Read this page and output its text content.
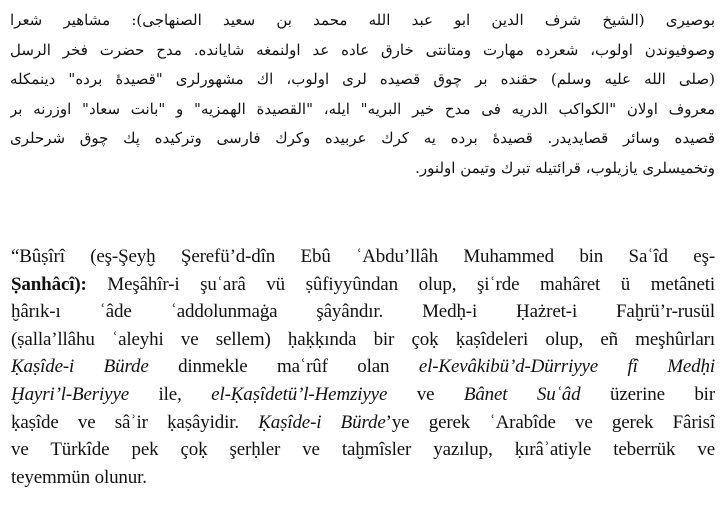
بوصيرى (الشيخ شرف الدين ابو عبد الله محمد بن سعيد الصنهاجى): مشاهير شعرا
وصوفيوندن اولوب، شعرده مهارت ومتانتى خارق عاده عد اولنمغه شايانده. مدح حضرت فخر الرسل
(صلى الله عليه وسلم) حقنده بر چوق قصيده لرى اولوب، اك مشهورلرى "قصيدهٔ برده" دينمكله
معروف اولان "الكواكب الدريه فى مدح خير البريه" ايله، "القصيدة الهمزيه" و "بانت سعاد" اوزرنه بر
قصيده وسائر قصايديدر. قصيدهٔ برده يه كرك عربيده وكرك فارسى وتركيده پك چوق شرحلرى
وتخميسلرى يازيلوب، قرائتيله تبرك وتيمن اولنور.
“Bûṣîrî (eş-Şeyḫ Şerefü’d-dîn Ebû ʿAbdu’llâh Muhammed bin Saʿîd eş-
Ṣanhâcî): Meşâhîr-i şuʿarâ vü ṣûfiyyûndan olup, şiʿrde mahâret ü metâneti
ḫârık-ı ʿâde ʿaddolunmaġa şâyândır. Medḥ-i Ḥażret-i Faḫrü’r-rusül
(ṣalla’llâhu ʿaleyhi ve sellem) ḥaḳḳında bir çoḳ ḳaṣîdeleri olup, eñ meşhûrları
Ḳaṣîde-i Bürde dinmekle maʿrûf olan el-Kevâkibü’d-Dürriyye fî Medḥi
Ḫayri’l-Beriyye ile, el-Ḳaṣîdetü’l-Hemziyye ve Bânet Suʿâd üzerine bir
ḳaṣîde ve sâʾir ḳaṣâyidir. Ḳaṣîde-i Bürde’ye gerek ʿArabîde ve gerek Fârisî
ve Türkîde pek çoḳ şerḥler ve taḫmîsler yazılup, ḳırâʾatiyle teberrük ve
teyemmün olunur.
